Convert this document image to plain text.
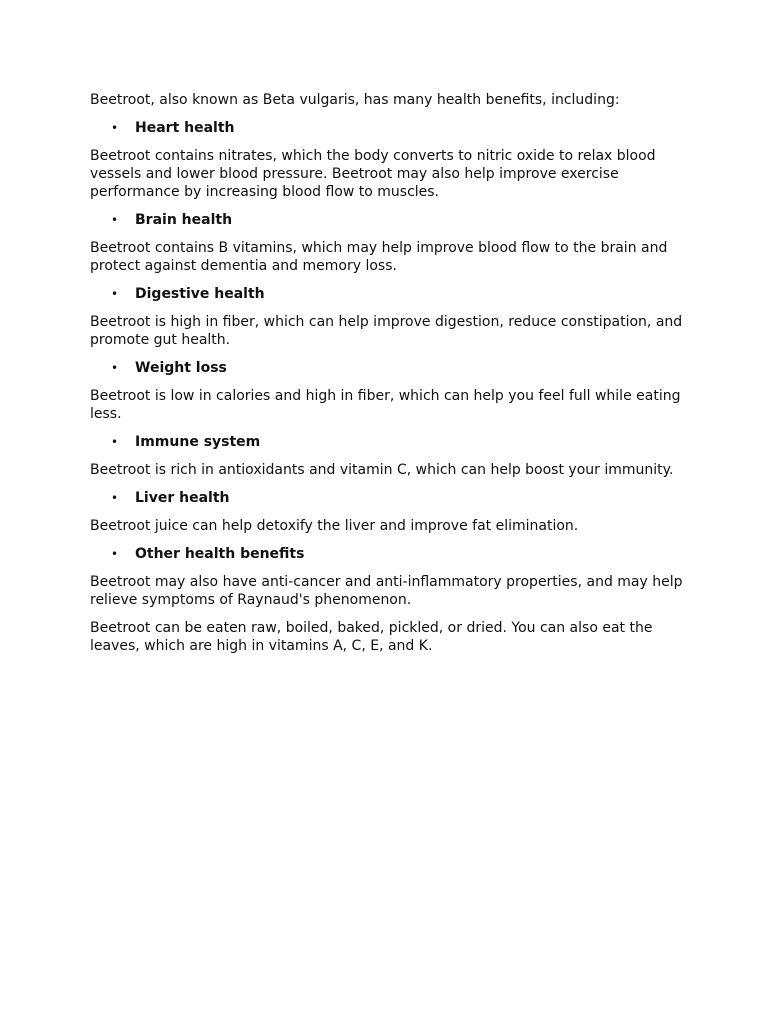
Beetroot, also known as Beta vulgaris, has many health benefits, including:

•	Heart health

Beetroot contains nitrates, which the body converts to nitric oxide to relax blood vessels and lower blood pressure. Beetroot may also help improve exercise performance by increasing blood flow to muscles.

•	Brain health

Beetroot contains B vitamins, which may help improve blood flow to the brain and protect against dementia and memory loss.

•	Digestive health

Beetroot is high in fiber, which can help improve digestion, reduce constipation, and promote gut health.

•	Weight loss

Beetroot is low in calories and high in fiber, which can help you feel full while eating less.

•	Immune system

Beetroot is rich in antioxidants and vitamin C, which can help boost your immunity.

•	Liver health

Beetroot juice can help detoxify the liver and improve fat elimination.

•	Other health benefits

Beetroot may also have anti-cancer and anti-inflammatory properties, and may help relieve symptoms of Raynaud's phenomenon.

Beetroot can be eaten raw, boiled, baked, pickled, or dried. You can also eat the leaves, which are high in vitamins A, C, E, and K.
